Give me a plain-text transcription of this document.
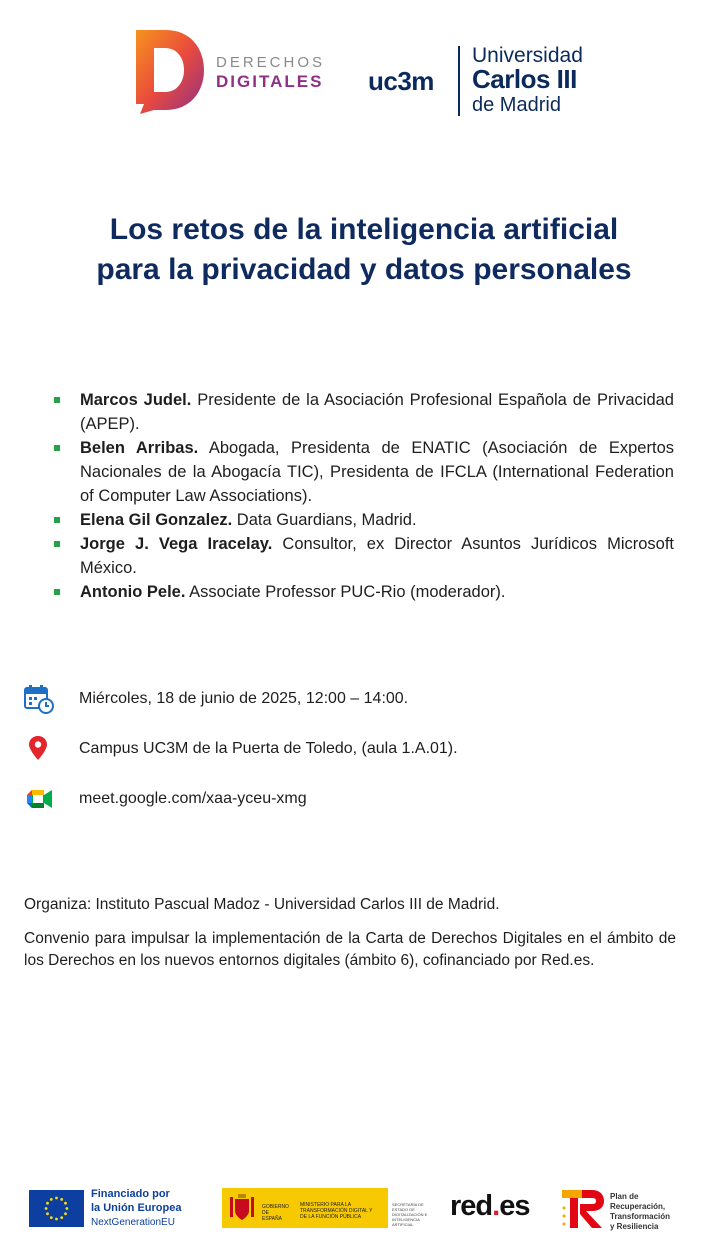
DERECHOS
DIGITALES uc3m
Universidad
Carlos III
de Madrid
Los retos de la inteligencia artificial
para la privacidad y datos personales
Marcos Judel. Presidente de la Asociación Profesional Española de Privacidad (APEP).
Belen Arribas. Abogada, Presidenta de ENATIC (Asociación de Expertos Nacionales de la Abogacía TIC), Presidenta de IFCLA (International Federation of Computer Law Associations).
Elena Gil Gonzalez. Data Guardians, Madrid.
Jorge J. Vega Iracelay. Consultor, ex Director Asuntos Jurídicos Microsoft México.
Antonio Pele. Associate Professor PUC-Rio (moderador).
Miércoles, 18 de junio de 2025, 12:00 – 14:00.
Campus UC3M de la Puerta de Toledo, (aula 1.A.01).
meet.google.com/xaa-yceu-xmg
Organiza: Instituto Pascual Madoz - Universidad Carlos III de Madrid.
Convenio para impulsar la implementación de la Carta de Derechos Digitales en el ámbito de los Derechos en los nuevos entornos digitales (ámbito 6), cofinanciado por Red.es.
Financiado por
la Unión Europea
NextGenerationEU
GOBIERNO DE ESPAÑA
MINISTERIO PARA LA TRANSFORMACIÓN DIGITAL Y DE LA FUNCIÓN PÚBLICA
SECRETARÍA DE ESTADO DE DIGITALIZACIÓN E INTELIGENCIA ARTIFICIAL
red.es	Plan de
Recuperación,
Transformación
y Resiliencia
